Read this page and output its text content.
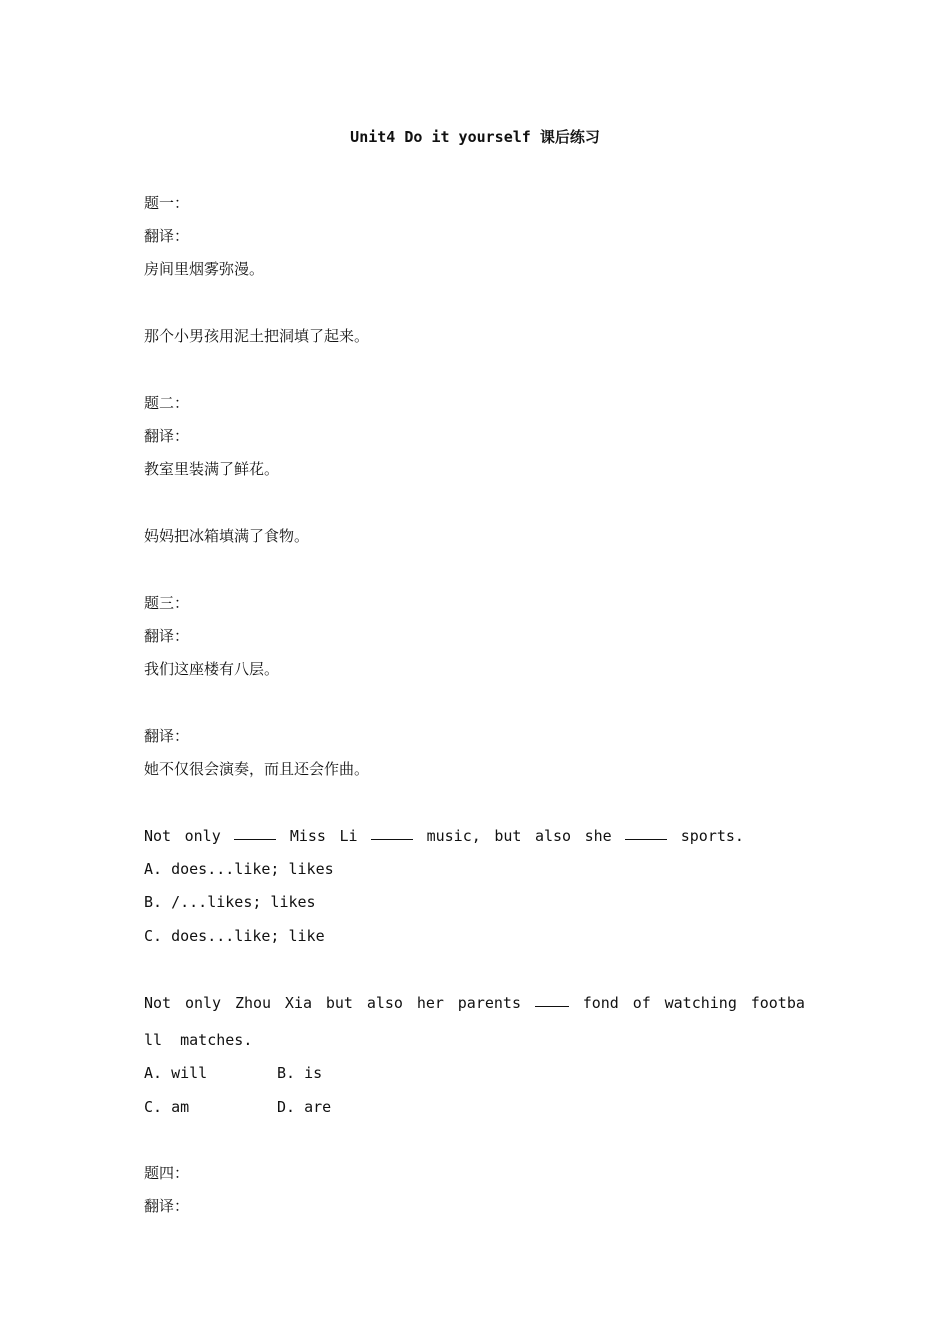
Unit4 Do it yourself 课后练习
题一：
翻译：
房间里烟雾弥漫。
那个小男孩用泥土把洞填了起来。
题二：
翻译：
教室里装满了鲜花。
妈妈把冰箱填满了食物。
题三：
翻译：
我们这座楼有八层。
翻译：
她不仅很会演奏，而且还会作曲。
Not only	Miss Li	music, but also she	sports.
A. does...like; likes
B. /...likes; likes
C. does...like; like
Not only Zhou Xia but also her parents	fond of watching footba
ll  matches.
A. will	B. is
C. am	D. are
题四：
翻译：
